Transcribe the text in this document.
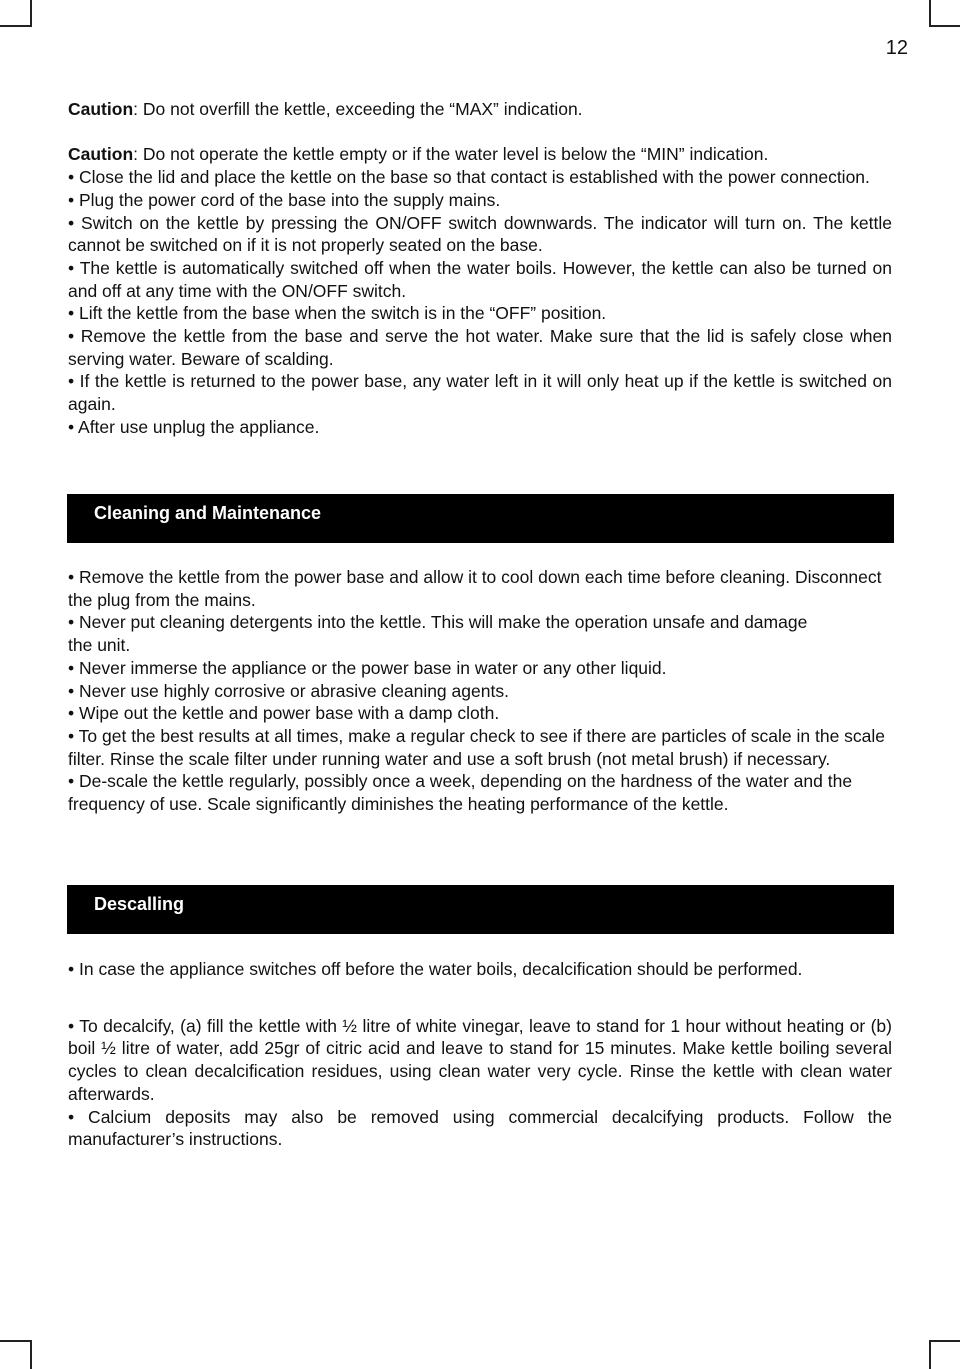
12

Caution: Do not overfill the kettle, exceeding the “MAX” indication.

Caution: Do not operate the kettle empty or if the water level is below the “MIN” indication.

• Close the lid and place the kettle on the base so that contact is established with the power connection.

• Plug the power cord of the base into the supply mains.

• Switch on the kettle by pressing the ON/OFF switch downwards. The indicator will turn on. The kettle cannot be switched on if it is not properly seated on the base.

• The kettle is automatically switched off when the water boils. However, the kettle can also be turned on and off at any time with the ON/OFF switch.

• Lift the kettle from the base when the switch is in the “OFF” position.

• Remove the kettle from the base and serve the hot water. Make sure that the lid is safely close when serving water. Beware of scalding.

• If the kettle is returned to the power base, any water left in it will only heat up if the kettle is switched on again.

• After use unplug the appliance.

Cleaning and Maintenance

• Remove the kettle from the power base and allow it to cool down each time before cleaning. Disconnect the plug from the mains.

• Never put cleaning detergents into the kettle. This will make the operation unsafe and damage the unit.

• Never immerse the appliance or the power base in water or any other liquid.

• Never use highly corrosive or abrasive cleaning agents.

• Wipe out the kettle and power base with a damp cloth.

• To get the best results at all times, make a regular check to see if there are particles of scale in the scale filter. Rinse the scale filter under running water and use a soft brush (not metal brush) if necessary.

• De-scale the kettle regularly, possibly once a week, depending on the hardness of the water and the frequency of use. Scale significantly diminishes the heating performance of the kettle.

Descalling

• In case the appliance switches off before the water boils, decalcification should be performed.

• To decalcify, (a) fill the kettle with ½ litre of white vinegar, leave to stand for 1 hour without heating or (b) boil ½ litre of water, add 25gr of citric acid and leave to stand for 15 minutes. Make kettle boiling several cycles to clean decalcification residues, using clean water very cycle. Rinse the kettle with clean water afterwards.

• Calcium deposits may also be removed using commercial decalcifying products. Follow the manufacturer’s instructions.
